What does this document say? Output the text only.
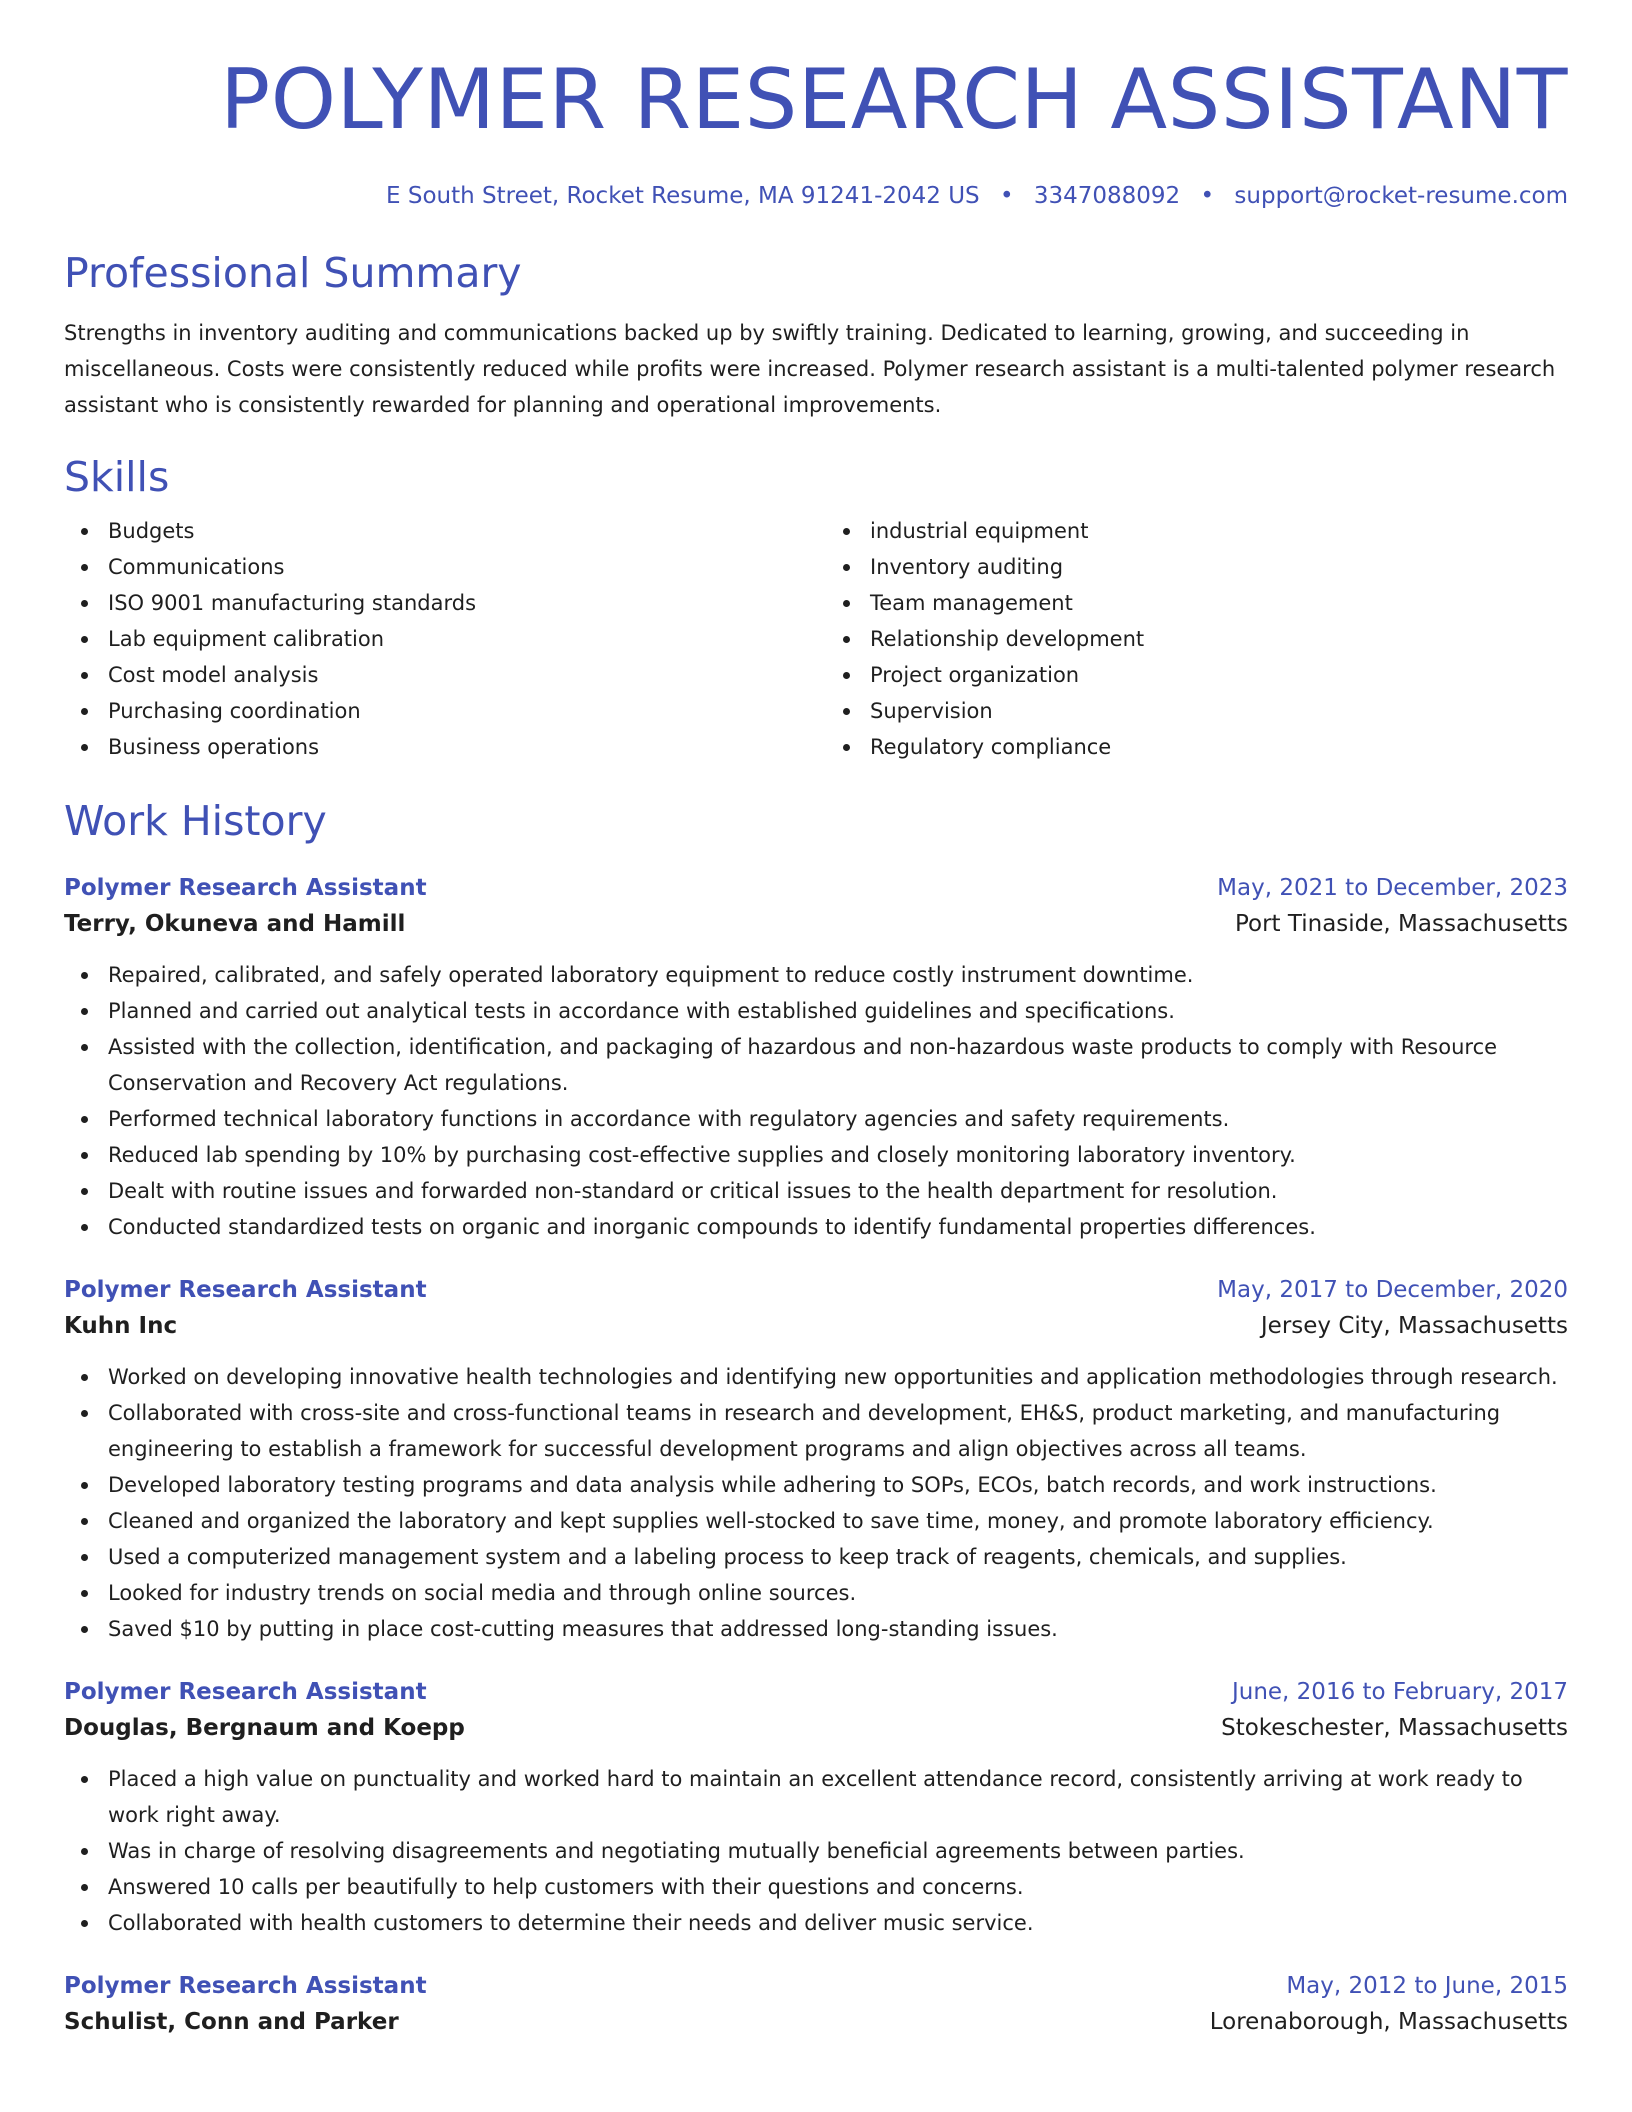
POLYMER RESEARCH ASSISTANT
E South Street, Rocket Resume, MA 91241-2042 US • 3347088092 • support@rocket-resume.com
Professional Summary

Strengths in inventory auditing and communications backed up by swiftly training. Dedicated to learning, growing, and succeeding in miscellaneous. Costs were consistently reduced while profits were increased. Polymer research assistant is a multi-talented polymer research assistant who is consistently rewarded for planning and operational improvements.

Skills
Budgets
Communications
ISO 9001 manufacturing standards
Lab equipment calibration
Cost model analysis
Purchasing coordination
Business operations
industrial equipment
Inventory auditing
Team management
Relationship development
Project organization
Supervision
Regulatory compliance
Work History
Polymer Research Assistant	May, 2021 to December, 2023
Terry, Okuneva and Hamill	Port Tinaside, Massachusetts
Repaired, calibrated, and safely operated laboratory equipment to reduce costly instrument downtime.
Planned and carried out analytical tests in accordance with established guidelines and specifications.
Assisted with the collection, identification, and packaging of hazardous and non-hazardous waste products to comply with Resource Conservation and Recovery Act regulations.
Performed technical laboratory functions in accordance with regulatory agencies and safety requirements.
Reduced lab spending by 10% by purchasing cost-effective supplies and closely monitoring laboratory inventory.
Dealt with routine issues and forwarded non-standard or critical issues to the health department for resolution.
Conducted standardized tests on organic and inorganic compounds to identify fundamental properties differences.
Polymer Research Assistant	May, 2017 to December, 2020
Kuhn Inc	Jersey City, Massachusetts
Worked on developing innovative health technologies and identifying new opportunities and application methodologies through research.
Collaborated with cross-site and cross-functional teams in research and development, EH&S, product marketing, and manufacturing engineering to establish a framework for successful development programs and align objectives across all teams.
Developed laboratory testing programs and data analysis while adhering to SOPs, ECOs, batch records, and work instructions.
Cleaned and organized the laboratory and kept supplies well-stocked to save time, money, and promote laboratory efficiency.
Used a computerized management system and a labeling process to keep track of reagents, chemicals, and supplies.
Looked for industry trends on social media and through online sources.
Saved $10 by putting in place cost-cutting measures that addressed long-standing issues.
Polymer Research Assistant	June, 2016 to February, 2017
Douglas, Bergnaum and Koepp	Stokeschester, Massachusetts
Placed a high value on punctuality and worked hard to maintain an excellent attendance record, consistently arriving at work ready to work right away.
Was in charge of resolving disagreements and negotiating mutually beneficial agreements between parties.
Answered 10 calls per beautifully to help customers with their questions and concerns.
Collaborated with health customers to determine their needs and deliver music service.
Polymer Research Assistant	May, 2012 to June, 2015
Schulist, Conn and Parker	Lorenaborough, Massachusetts
